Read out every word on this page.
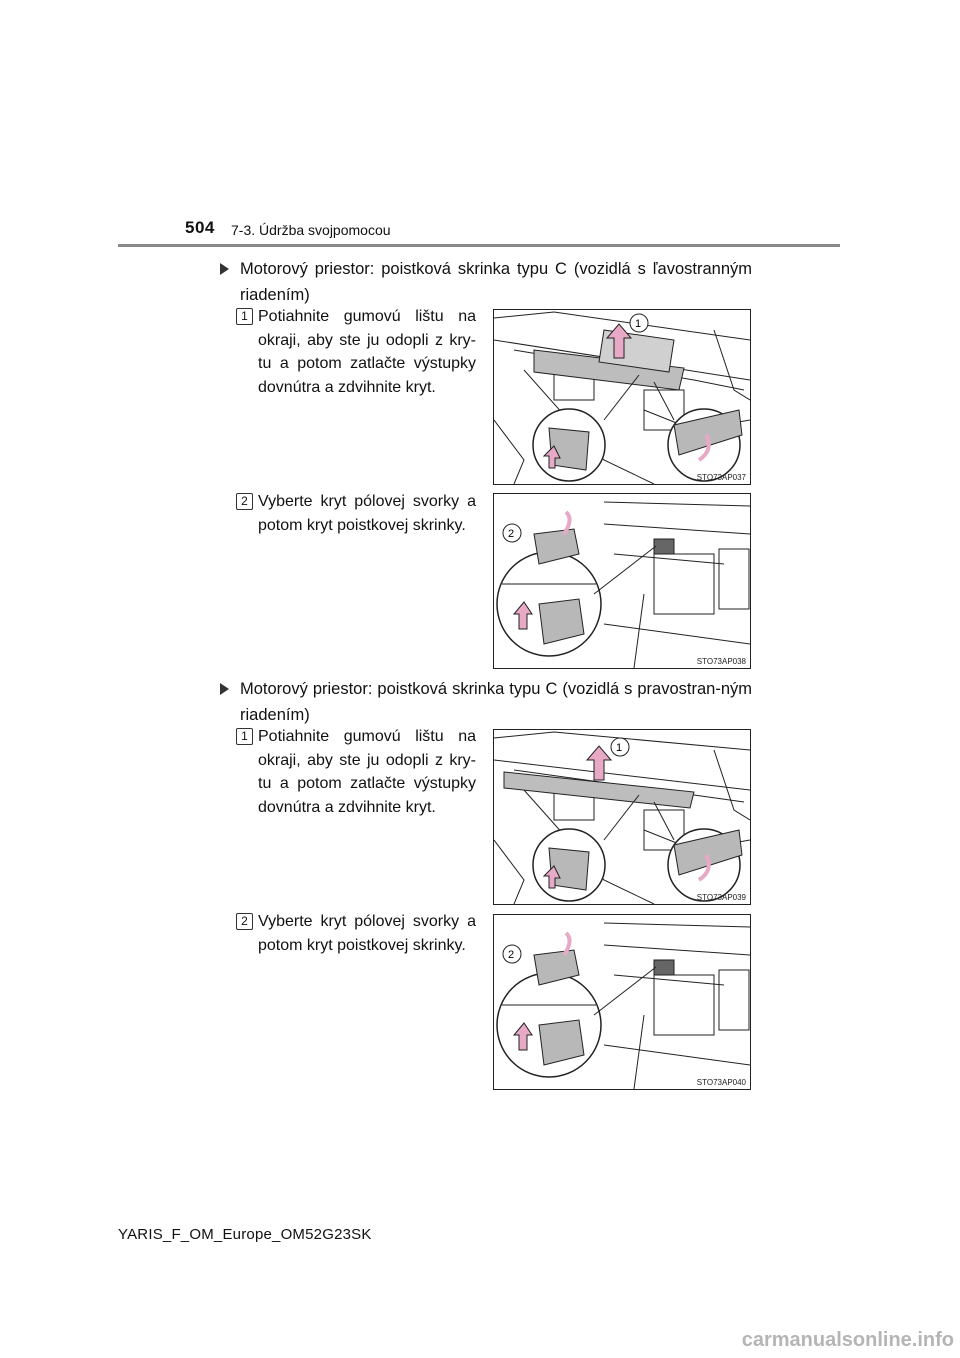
504 7-3. Údržba svojpomocou
Motorový priestor: poistková skrinka typu C (vozidlá s ľavostranným riadením)
1 Potiahnite gumovú lištu na okraji, aby ste ju odopli z kry-tu a potom zatlačte výstupky dovnútra a zdvihnite kryt.
1
STO73AP037
2 Vyberte kryt pólovej svorky a potom kryt poistkovej skrinky.
2
STO73AP038
Motorový priestor: poistková skrinka typu C (vozidlá s pravostran-ným riadením)
1 Potiahnite gumovú lištu na okraji, aby ste ju odopli z kry-tu a potom zatlačte výstupky dovnútra a zdvihnite kryt.
1
STO73AP039
2 Vyberte kryt pólovej svorky a potom kryt poistkovej skrinky.
2
STO73AP040
YARIS_F_OM_Europe_OM52G23SK
carmanualsonline.info
